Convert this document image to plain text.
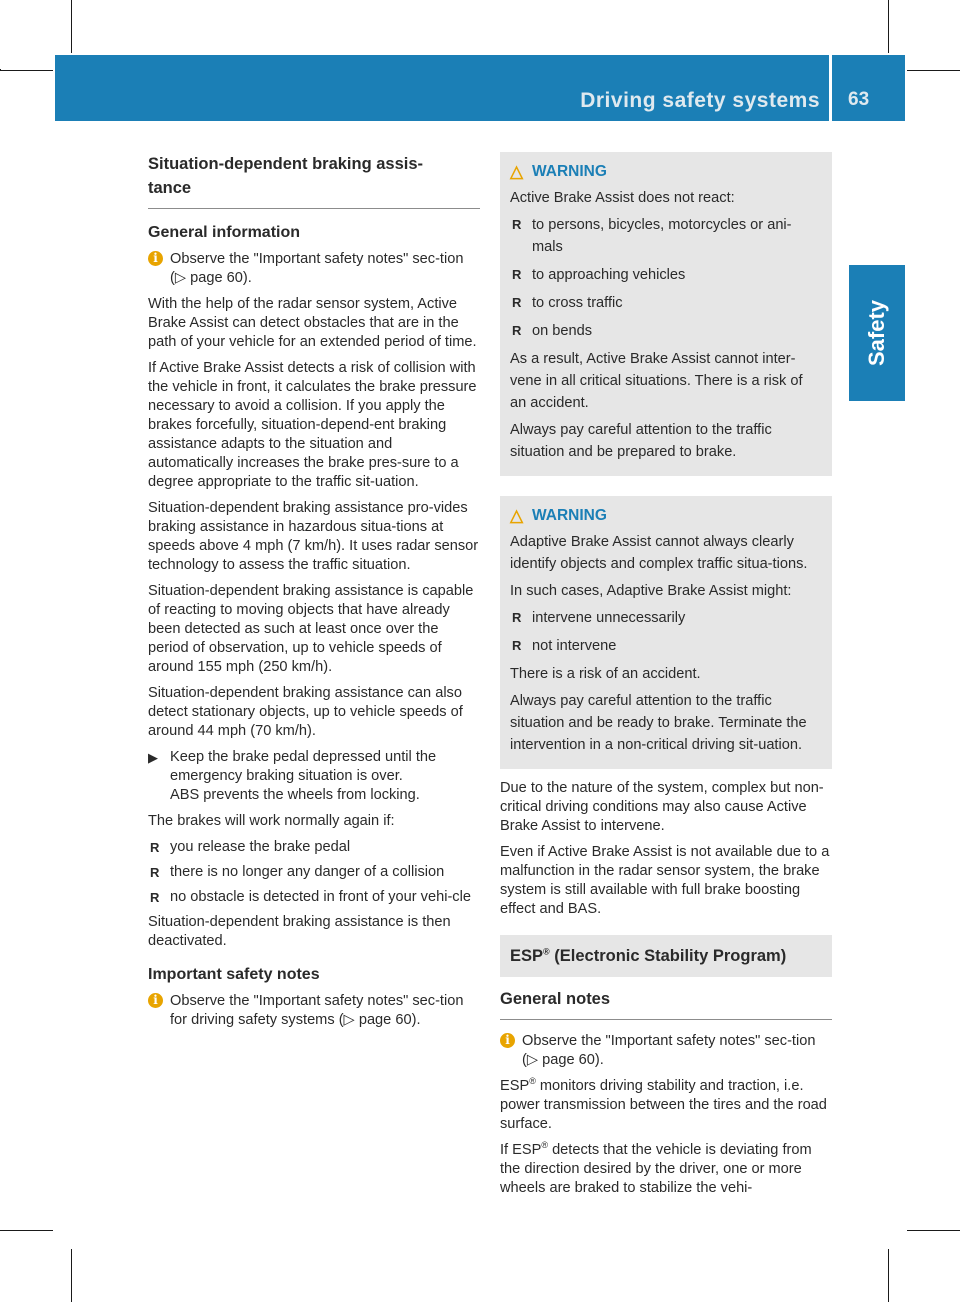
Driving safety systems 63
Safety
Situation-dependent braking assis-tance
General information
i Observe the "Important safety notes" sec-tion (▷ page 60).

With the help of the radar sensor system, Active Brake Assist can detect obstacles that are in the path of your vehicle for an extended period of time.

If Active Brake Assist detects a risk of collision with the vehicle in front, it calculates the brake pressure necessary to avoid a collision. If you apply the brakes forcefully, situation-depend-ent braking assistance adapts to the situation and automatically increases the brake pres-sure to a degree appropriate to the traffic sit-uation.

Situation-dependent braking assistance pro-vides braking assistance in hazardous situa-tions at speeds above 4 mph (7 km/h). It uses radar sensor technology to assess the traffic situation.

Situation-dependent braking assistance is capable of reacting to moving objects that have already been detected as such at least once over the period of observation, up to vehicle speeds of around 155 mph (250 km/h).

Situation-dependent braking assistance can also detect stationary objects, up to vehicle speeds of around 44 mph (70 km/h).

▶ Keep the brake pedal depressed until the emergency braking situation is over.
ABS prevents the wheels from locking.

The brakes will work normally again if:

R you release the brake pedal
R there is no longer any danger of a collision
R no obstacle is detected in front of your vehi-cle

Situation-dependent braking assistance is then deactivated.

Important safety notes
i Observe the "Important safety notes" sec-tion for driving safety systems (▷ page 60).
△ WARNING

Active Brake Assist does not react:

R to persons, bicycles, motorcycles or ani-mals
R to approaching vehicles
R to cross traffic
R on bends

As a result, Active Brake Assist cannot inter-vene in all critical situations. There is a risk of an accident.

Always pay careful attention to the traffic situation and be prepared to brake.

△ WARNING

Adaptive Brake Assist cannot always clearly identify objects and complex traffic situa-tions.

In such cases, Adaptive Brake Assist might:

R intervene unnecessarily
R not intervene

There is a risk of an accident.

Always pay careful attention to the traffic situation and be ready to brake. Terminate the intervention in a non-critical driving sit-uation.

Due to the nature of the system, complex but non-critical driving conditions may also cause Active Brake Assist to intervene.

Even if Active Brake Assist is not available due to a malfunction in the radar sensor system, the brake system is still available with full brake boosting effect and BAS.

ESP® (Electronic Stability Program)
General notes
i Observe the "Important safety notes" sec-tion (▷ page 60).

ESP® monitors driving stability and traction, i.e. power transmission between the tires and the road surface.

If ESP® detects that the vehicle is deviating from the direction desired by the driver, one or more wheels are braked to stabilize the vehi-
